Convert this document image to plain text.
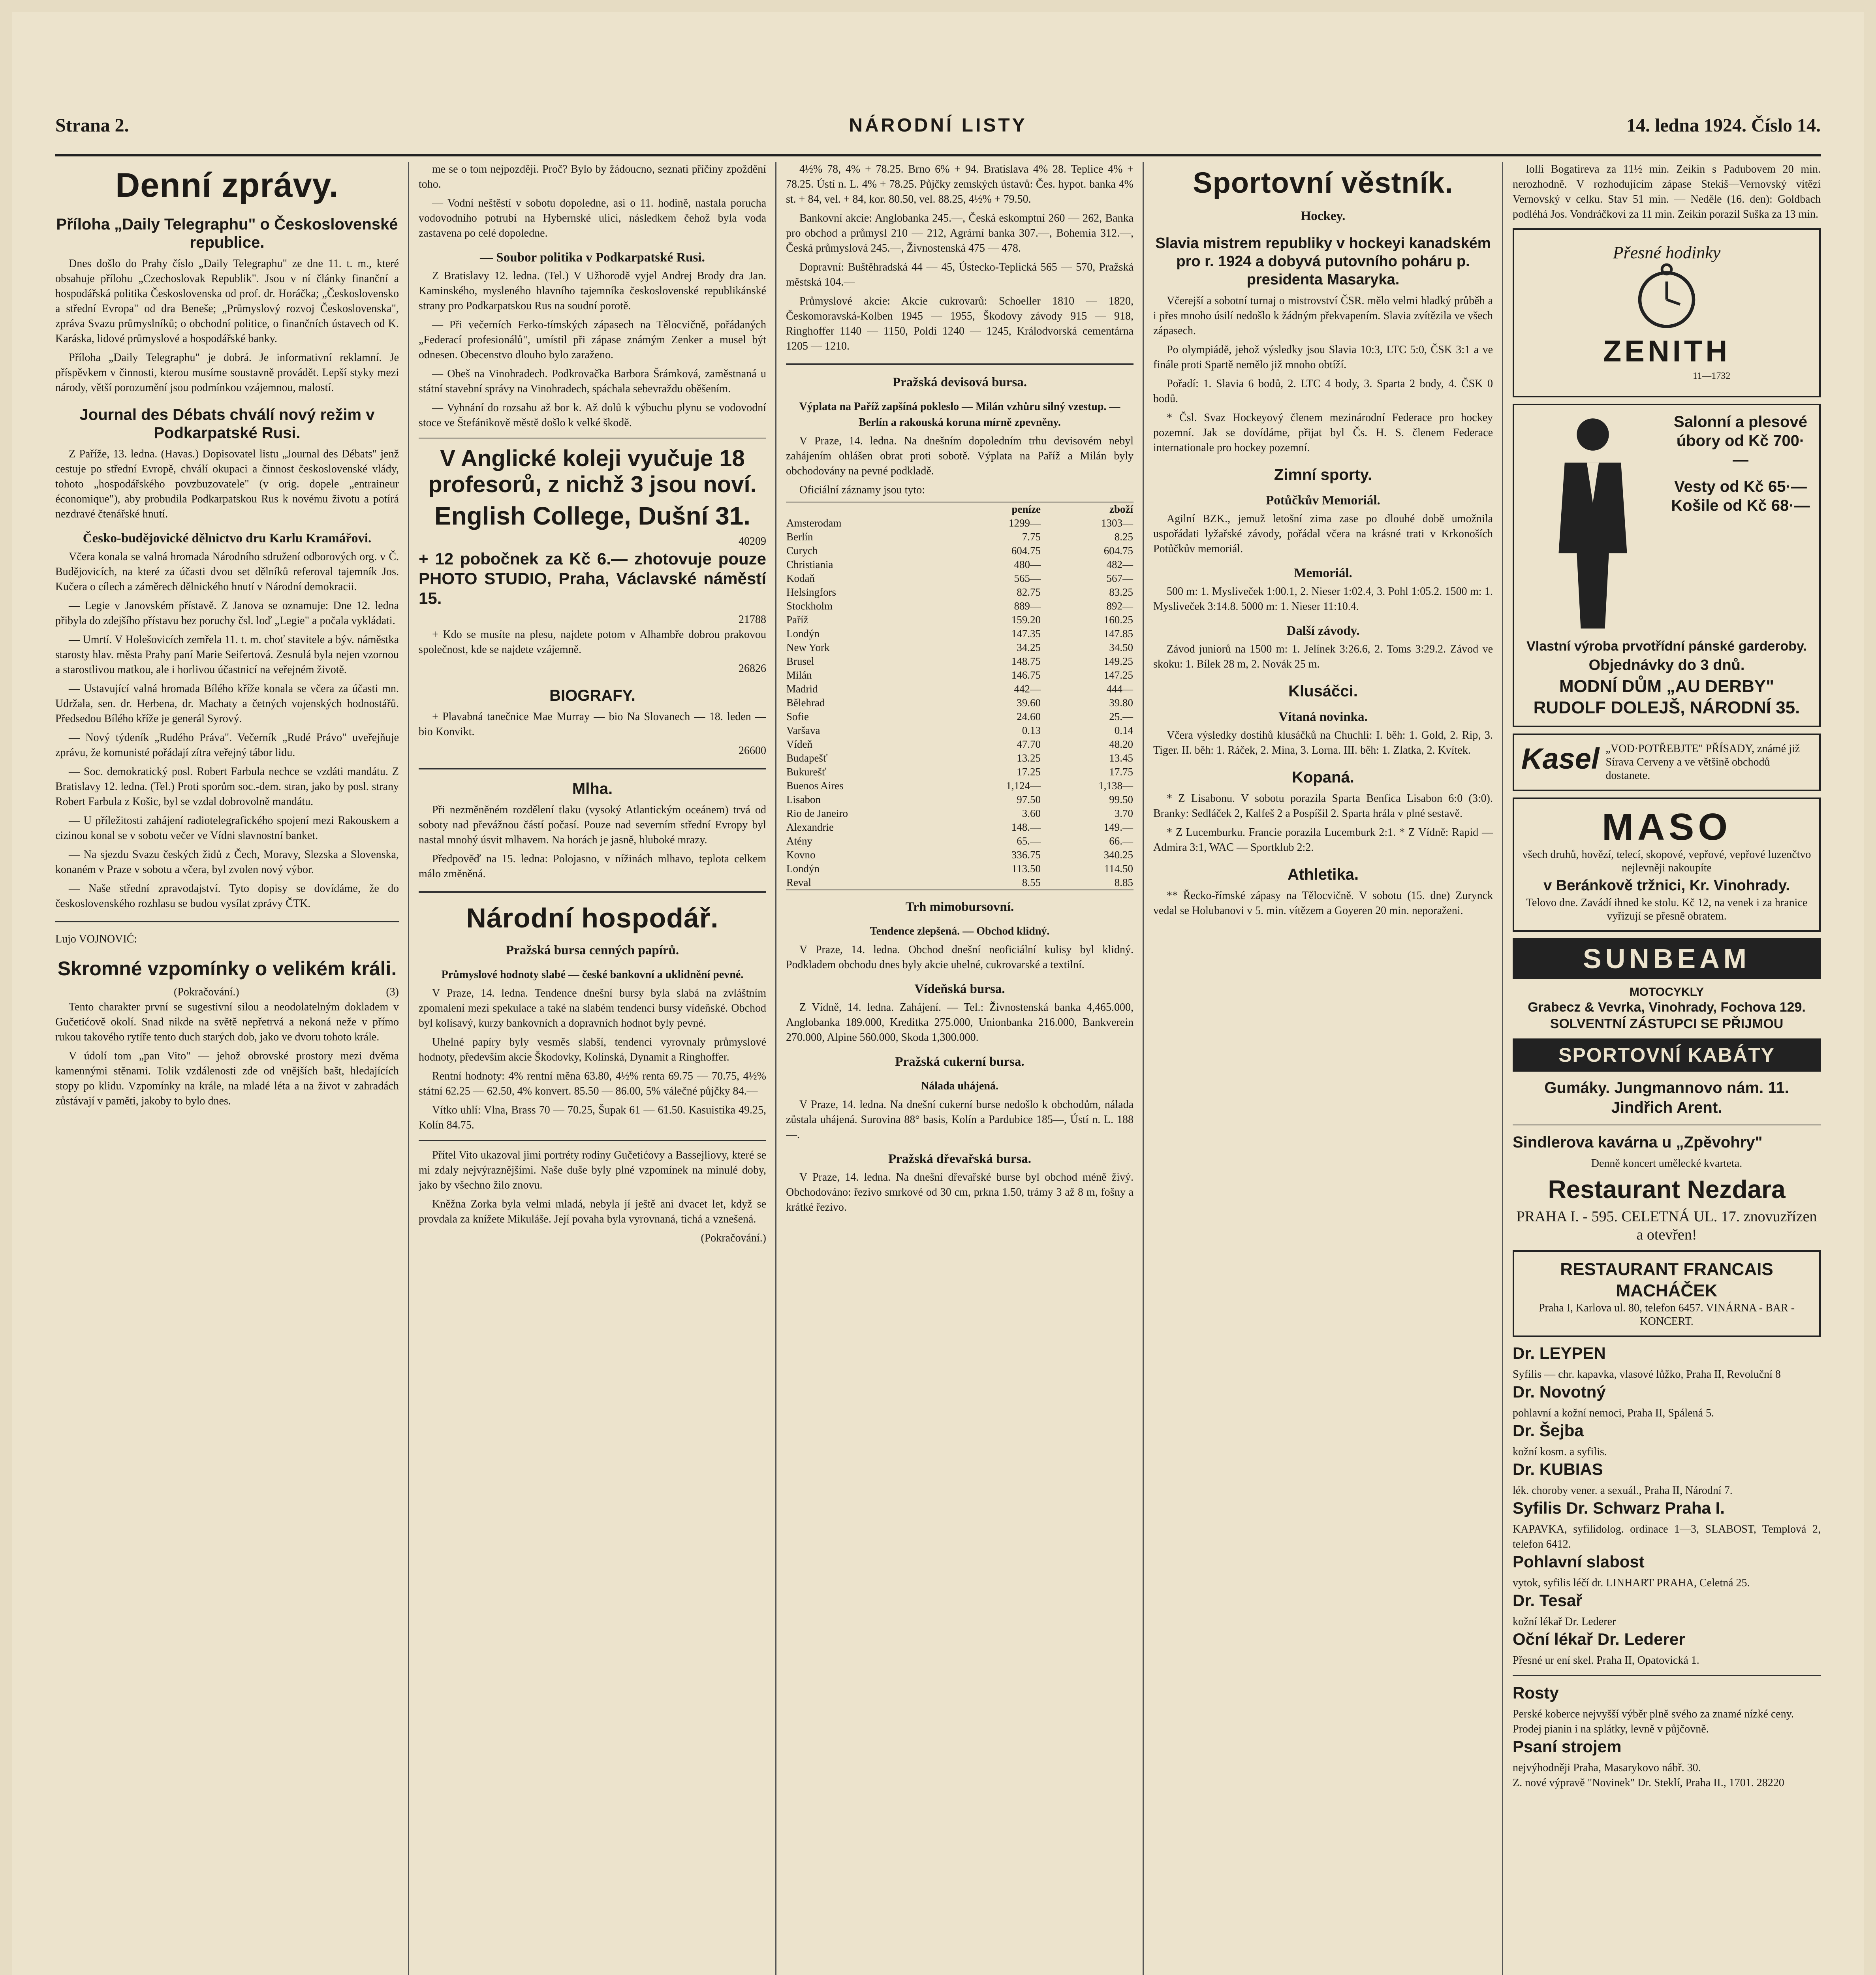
Strana 2.	NÁRODNÍ LISTY	14. ledna 1924. Číslo 14.
Denní zprávy.
Příloha „Daily Telegraphu" o Československé republice.

Dnes došlo do Prahy číslo „Daily Telegraphu" ze dne 11. t. m., které obsahuje přílohu „Czechoslovak Republik". Jsou v ní články finanční a hospodářská politika Československa od prof. dr. Horáčka; „Československo a střední Evropa" od dra Beneše; „Průmyslový rozvoj Československa", zpráva Svazu průmyslníků; o obchodní politice, o finančních ústavech od K. Karáska, lidové průmyslové a hospodářské banky.

Příloha „Daily Telegraphu" je dobrá. Je informativní reklamní. Je příspěvkem v činnosti, kterou musíme soustavně provádět. Lepší styky mezi národy, větší porozumění jsou podmínkou vzájemnou, malostí.

Journal des Débats chválí nový režim v Podkarpatské Rusi.

Z Paříže, 13. ledna. (Havas.) Dopisovatel listu „Journal des Débats" jenž cestuje po střední Evropě, chválí okupaci a činnost československé vlády, tohoto „hospodářského povzbuzovatele" (v orig. dopele „entraineur économique"), aby probudila Podkarpatskou Rus k novému životu a potírá nezdravé čtenářské hnutí.

Česko-budějovické dělnictvo dru Karlu Kramářovi.

Včera konala se valná hromada Národního sdružení odborových org. v Č. Budějovicích, na které za účasti dvou set dělníků referoval tajemník Jos. Kučera o cílech a záměrech dělnického hnutí v Národní demokracii.

— Legie v Janovském přístavě. Z Janova se oznamuje: Dne 12. ledna přibyla do zdejšího přístavu bez poruchy čsl. loď „Legie" a počala vykládati.

— Umrtí. V Holešovicích zemřela 11. t. m. choť stavitele a býv. náměstka starosty hlav. města Prahy paní Marie Seifertová. Zesnulá byla nejen vzornou a starostlivou matkou, ale i horlivou účastnicí na veřejném životě.

— Ustavující valná hromada Bílého kříže konala se včera za účasti mn. Udržala, sen. dr. Herbena, dr. Machaty a četných vojenských hodnostářů. Předsedou Bílého kříže je generál Syrový.

— Nový týdeník „Rudého Práva". Večerník „Rudé Právo" uveřejňuje zprávu, že komunisté pořádají zítra veřejný tábor lidu.

— Soc. demokratický posl. Robert Farbula nechce se vzdáti mandátu. Z Bratislavy 12. ledna. (Tel.) Proti sporům soc.-dem. stran, jako by posl. strany Robert Farbula z Košic, byl se vzdal dobrovolně mandátu.

— U příležitosti zahájení radiotelegrafického spojení mezi Rakouskem a cizinou konal se v sobotu večer ve Vídni slavnostní banket.

— Na sjezdu Svazu českých židů z Čech, Moravy, Slezska a Slovenska, konaném v Praze v sobotu a včera, byl zvolen nový výbor.

— Naše střední zpravodajství. Tyto dopisy se dovídáme, že do československého rozhlasu se budou vysílat zprávy ČTK.

Lujo VOJNOVIĆ:
Skromné vzpomínky o velikém králi.
(Pokračování.)	(3)

Tento charakter první se sugestivní silou a neodolatelným dokladem v Gučetićově okolí. Snad nikde na světě nepřetrvá a nekoná neže v přímo rukou takového rytíře tento duch starých dob, jako ve dvoru tohoto krále.

V údolí tom „pan Vito" — jehož obrovské prostory mezi dvěma kamennými stěnami. Tolik vzdálenosti zde od vnějších bašt, hledajících stopy po klidu. Vzpomínky na krále, na mladé léta a na život v zahradách zůstávají v paměti, jakoby to bylo dnes.

me se o tom nejpozději. Proč? Bylo by žádoucno, seznati příčiny zpoždění toho.

— Vodní neštěstí v sobotu dopoledne, asi o 11. hodině, nastala porucha vodovodního potrubí na Hybernské ulici, následkem čehož byla voda zastavena po celé dopoledne.

— Soubor politika v Podkarpatské Rusi.

Z Bratislavy 12. ledna. (Tel.) V Užhorodě vyjel Andrej Brody dra Jan. Kaminského, mysleného hlavního tajemníka československé republikánské strany pro Podkarpatskou Rus na soudní porotě.

— Při večerních Ferko-tímských zápasech na Tělocvičně, pořádaných „Federací profesionálů", umístil při zápase známým Zenker a musel být odnesen. Obecenstvo dlouho bylo zaraženo.

— Obeš na Vinohradech. Podkrovačka Barbora Šrámková, zaměstnaná u státní stavební správy na Vinohradech, spáchala sebevraždu oběšením.

— Vyhnání do rozsahu až bor k. Až dolů k výbuchu plynu se vodovodní stoce ve Štefánikově městě došlo k velké škodě.

V Anglické koleji vyučuje 18 profesorů, z nichž 3 jsou noví.
English College, Dušní 31.
40209
+ 12 pobočnek za Kč 6.— zhotovuje pouze PHOTO STUDIO, Praha, Václavské náměstí 15.
21788

+ Kdo se musíte na plesu, najdete potom v Alhambře dobrou prakovou společnost, kde se najdete vzájemně.

26826
BIOGRAFY.

+ Plavabná tanečnice Mae Murray — bio Na Slovanech — 18. leden — bio Konvikt.

26600
Mlha.

Při nezměněném rozdělení tlaku (vysoký Atlantickým oceánem) trvá od soboty nad převážnou částí počasí. Pouze nad severním střední Evropy byl nastal mnohý úsvit mlhavem. Na horách je jasně, hluboké mrazy.

Předpověď na 15. ledna: Polojasno, v nížinách mlhavo, teplota celkem málo změněná.

Národní hospodář.
Pražská bursa cenných papírů.
Průmyslové hodnoty slabé — české bankovní a uklidnění pevné.

V Praze, 14. ledna. Tendence dnešní bursy byla slabá na zvláštním zpomalení mezi spekulace a také na slabém tendenci bursy vídeňské. Obchod byl kolísavý, kurzy bankovních a dopravních hodnot byly pevné.

Uhelné papíry byly vesměs slabší, tendenci vyrovnaly průmyslové hodnoty, především akcie Škodovky, Kolínská, Dynamit a Ringhoffer.

Rentní hodnoty: 4% rentní měna 63.80, 4½% renta 69.75 — 70.75, 4½% státní 62.25 — 62.50, 4% konvert. 85.50 — 86.00, 5% válečné půjčky 84.—

Vítko uhlí: Vlna, Brass 70 — 70.25, Šupak 61 — 61.50. Kasuistika 49.25, Kolín 84.75.

Přítel Vito ukazoval jimi portréty rodiny Gučetićovy a Bassejliovy, které se mi zdaly nejvýraznějšími. Naše duše byly plné vzpomínek na minulé doby, jako by všechno žilo znovu.

Kněžna Zorka byla velmi mladá, nebyla jí ještě ani dvacet let, když se provdala za knížete Mikuláše. Její povaha byla vyrovnaná, tichá a vznešená.

(Pokračování.)

4½% 78, 4% + 78.25. Brno 6% + 94. Bratislava 4% 28. Teplice 4% + 78.25. Ústí n. L. 4% + 78.25. Půjčky zemských ústavů: Čes. hypot. banka 4% st. + 84, vel. + 84, kor. 80.50, vel. 88.25, 4½% + 79.50.

Bankovní akcie: Anglobanka 245.—, Česká eskomptní 260 — 262, Banka pro obchod a průmysl 210 — 212, Agrární banka 307.—, Bohemia 312.—, Česká průmyslová 245.—, Živnostenská 475 — 478.

Dopravní: Buštěhradská 44 — 45, Ústecko-Teplická 565 — 570, Pražská městská 104.—

Průmyslové akcie: Akcie cukrovarů: Schoeller 1810 — 1820, Českomoravská-Kolben 1945 — 1955, Škodovy závody 915 — 918, Ringhoffer 1140 — 1150, Poldi 1240 — 1245, Králodvorská cementárna 1205 — 1210.

Pražská devisová bursa.
Výplata na Paříž zapšíná pokleslo — Milán vzhůru silný vzestup. — Berlín a rakouská koruna mírně zpevněny.

V Praze, 14. ledna. Na dnešním dopoledním trhu devisovém nebyl zahájením ohlášen obrat proti sobotě. Výplata na Paříž a Milán byly obchodovány na pevné podkladě.

Oficiální záznamy jsou tyto:

	peníze	zboží
Amsterodam	1299—	1303—
Berlín	7.75	8.25
Curych	604.75	604.75
Christiania	480—	482—
Kodaň	565—	567—
Helsingfors	82.75	83.25
Stockholm	889—	892—
Paříž	159.20	160.25
Londýn	147.35	147.85
New York	34.25	34.50
Brusel	148.75	149.25
Milán	146.75	147.25
Madrid	442—	444—
Bělehrad	39.60	39.80
Sofie	24.60	25.—
Varšava	0.13	0.14
Vídeň	47.70	48.20
Budapešť	13.25	13.45
Bukurešť	17.25	17.75
Buenos Aires	1,124—	1,138—
Lisabon	97.50	99.50
Rio de Janeiro	3.60	3.70
Alexandrie	148.—	149.—
Atény	65.—	66.—
Kovno	336.75	340.25
Londýn	113.50	114.50
Reval	8.55	8.85
Trh mimobursovní.
Tendence zlepšená. — Obchod klidný.

V Praze, 14. ledna. Obchod dnešní neoficiální kulisy byl klidný. Podkladem obchodu dnes byly akcie uhelné, cukrovarské a textilní.

Vídeňská bursa.

Z Vídně, 14. ledna. Zahájení. — Tel.: Živnostenská banka 4,465.000, Anglobanka 189.000, Kreditka 275.000, Unionbanka 216.000, Bankverein 270.000, Alpine 560.000, Skoda 1,300.000.

Pražská cukerní bursa.
Nálada uhájená.

V Praze, 14. ledna. Na dnešní cukerní burse nedošlo k obchodům, nálada zůstala uhájená. Surovina 88° basis, Kolín a Pardubice 185—, Ústí n. L. 188—.

Pražská dřevařská bursa.

V Praze, 14. ledna. Na dnešní dřevařské burse byl obchod méně živý. Obchodováno: řezivo smrkové od 30 cm, prkna 1.50, trámy 3 až 8 m, fošny a krátké řezivo.

Sportovní věstník.
Hockey.
Slavia mistrem republiky v hockeyi kanadském pro r. 1924 a dobyvá putovního poháru p. presidenta Masaryka.

Včerejší a sobotní turnaj o mistrovství ČSR. mělo velmi hladký průběh a i přes mnoho úsilí nedošlo k žádným překvapením. Slavia zvítězila ve všech zápasech.

Po olympiádě, jehož výsledky jsou Slavia 10:3, LTC 5:0, ČSK 3:1 a ve finále proti Spartě nemělo již mnoho obtíží.

Pořadí: 1. Slavia 6 bodů, 2. LTC 4 body, 3. Sparta 2 body, 4. ČSK 0 bodů.

* Čsl. Svaz Hockeyový členem mezinárodní Federace pro hockey pozemní. Jak se dovídáme, přijat byl Čs. H. S. členem Federace internationale pro hockey pozemní.

Zimní sporty.
Potůčkův Memoriál.

Agilní BZK., jemuž letošní zima zase po dlouhé době umožnila uspořádati lyžařské závody, pořádal včera na krásné trati v Krkonoších Potůčkův memoriál.

Memoriál.

500 m: 1. Mysliveček 1:00.1, 2. Nieser 1:02.4, 3. Pohl 1:05.2. 1500 m: 1. Mysliveček 3:14.8. 5000 m: 1. Nieser 11:10.4.

Další závody.

Závod juniorů na 1500 m: 1. Jelínek 3:26.6, 2. Toms 3:29.2. Závod ve skoku: 1. Bílek 28 m, 2. Novák 25 m.

Klusáčci.
Vítaná novinka.

Včera výsledky dostihů klusáčků na Chuchli: I. běh: 1. Gold, 2. Rip, 3. Tiger. II. běh: 1. Ráček, 2. Mina, 3. Lorna. III. běh: 1. Zlatka, 2. Kvítek.

Kopaná.

* Z Lisabonu. V sobotu porazila Sparta Benfica Lisabon 6:0 (3:0). Branky: Sedláček 2, Kalfeš 2 a Pospíšil 2. Sparta hrála v plné sestavě.

* Z Lucemburku. Francie porazila Lucemburk 2:1. * Z Vídně: Rapid — Admira 3:1, WAC — Sportklub 2:2.

Athletika.

** Řecko-římské zápasy na Tělocvičně. V sobotu (15. dne) Zurynck vedal se Holubanovi v 5. min. vítězem a Goyeren 20 min. neporaženi.

lolli Bogatireva za 11½ min. Zeikin s Padubovem 20 min. nerozhodně. V rozhodujícím zápase Stekiš—Vernovský vítězí Vernovský v celku. Stav 51 min. — Neděle (16. den): Goldbach podléhá Jos. Vondráčkovi za 11 min. Zeikin porazil Suška za 13 min.

Přesné hodinky
ZENITH
11—1732
Salonní a plesové úbory od Kč 700·—
Vesty od Kč 65·— Košile od Kč 68·—
Vlastní výroba prvotřídní pánské garderoby.
Objednávky do 3 dnů.
MODNÍ DŮM „AU DERBY" RUDOLF DOLEJŠ, NÁRODNÍ 35.
Kasel „VOD·POTŘEBJTE" PŘÍSADY, známé již Sírava Cerveny a ve většině obchodů dostanete.
MASO
všech druhů, hovězí, telecí, skopové, vepřové, vepřové luzenčtvo nejlevněji nakoupíte
v Beránkově tržnici, Kr. Vinohrady.
Telovo dne. Zavádí ihned ke stolu. Kč 12, na venek i za hranice vyřizují se přesně obratem.
SUNBEAM
MOTOCYKLY
Grabecz & Vevrka, Vinohrady, Fochova 129. SOLVENTNÍ ZÁSTUPCI SE PŘIJMOU
SPORTOVNÍ KABÁTY
Gumáky. Jungmannovo nám. 11. Jindřich Arent.
Sindlerova kavárna u „Zpěvohry"
Denně koncert umělecké kvarteta.
Restaurant Nezdara
PRAHA I. - 595. CELETNÁ UL. 17. znovuzřízen a otevřen!
RESTAURANT FRANCAIS MACHÁČEK
Praha I, Karlova ul. 80, telefon 6457. VINÁRNA - BAR - KONCERT.
Dr. LEYPEN
Syfilis — chr. kapavka, vlasové lůžko, Praha II, Revoluční 8
Dr. Novotný
pohlavní a kožní nemoci, Praha II, Spálená 5.
Dr. Šejba
kožní kosm. a syfilis.
Dr. KUBIAS
lék. choroby vener. a sexuál., Praha II, Národní 7.
Syfilis Dr. Schwarz Praha I.
KAPAVKA, syfilidolog. ordinace 1—3, SLABOST, Templová 2, telefon 6412.
Pohlavní slabost
vytok, syfilis léčí dr. LINHART PRAHA, Celetná 25.
Dr. Tesař
kožní lékař Dr. Lederer
Oční lékař Dr. Lederer
Přesné ur ení skel. Praha II, Opatovická 1.
Rosty
Perské koberce nejvyšší výběr plně svého za znamé nízké ceny.
Prodej pianin i na splátky, levně v půjčovně.
Psaní strojem
nejvýhodněji Praha, Masarykovo nábř. 30.
Z. nové výpravě "Novinek" Dr. Steklí, Praha II., 1701. 28220
